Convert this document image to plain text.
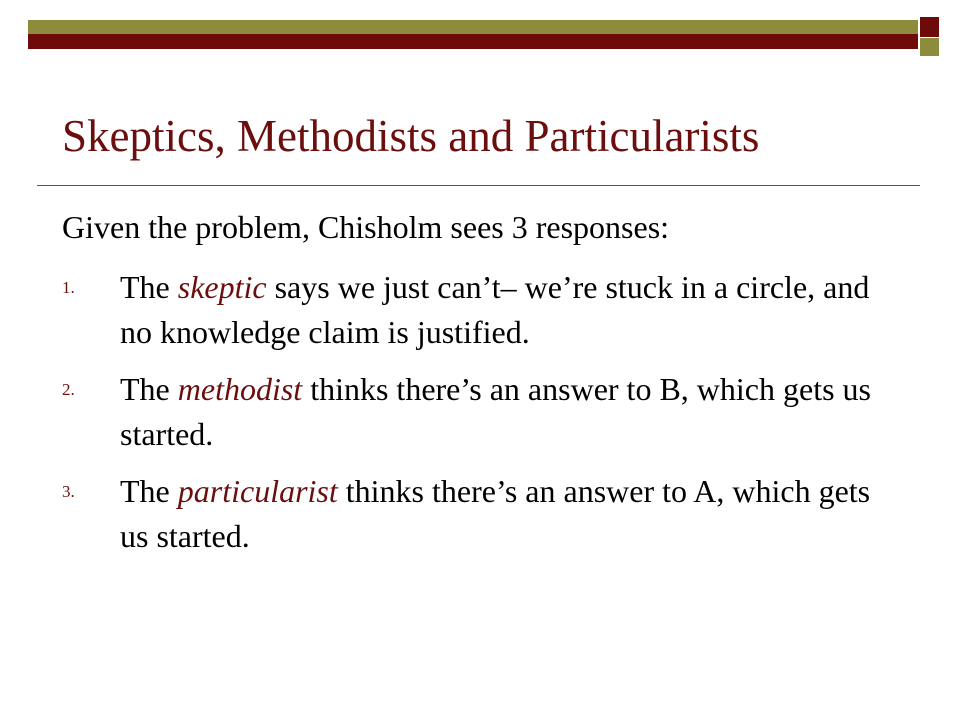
Skeptics, Methodists and Particularists
Given the problem, Chisholm sees 3 responses:
1. The skeptic says we just can’t– we’re stuck in a circle, and no knowledge claim is justified.
2. The methodist thinks there’s an answer to B, which gets us started.
3. The particularist thinks there’s an answer to A, which gets us started.
